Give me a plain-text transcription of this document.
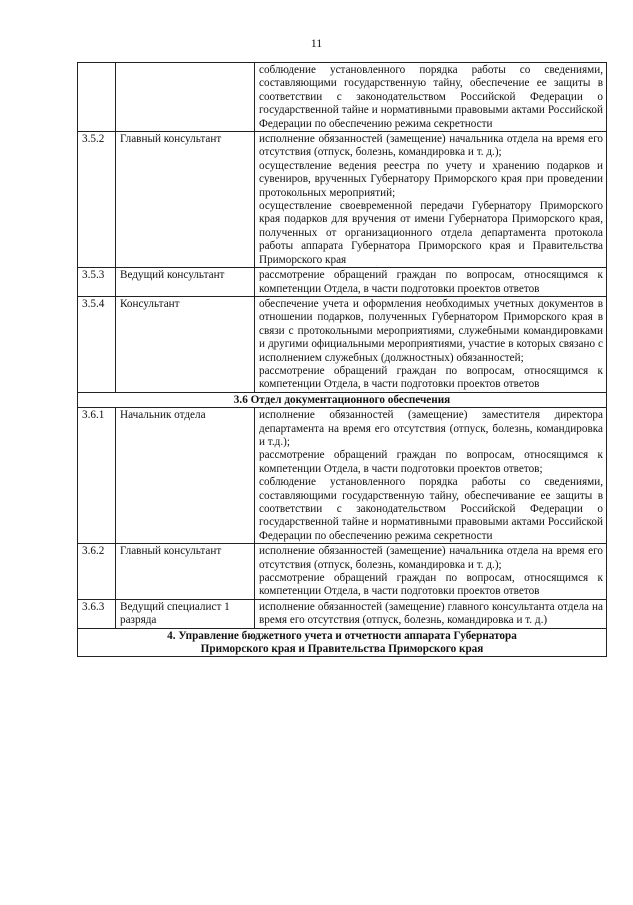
11

		соблюдение установленного порядка работы со сведениями, составляющими государственную тайну, обеспечение ее защиты в соответствии с законодательством Российской Федерации о государственной тайне и нормативными правовыми актами Российской Федерации по обеспечению режима секретности

3.5.2	Главный консультант	исполнение обязанностей (замещение) начальника отдела на время его отсутствия (отпуск, болезнь, командировка и т. д.);
осуществление ведения реестра по учету и хранению подарков и сувениров, врученных Губернатору Приморского края при проведении протокольных мероприятий;
осуществление своевременной передачи Губернатору Приморского края подарков для вручения от имени Губернатора Приморского края, полученных от организационного отдела департамента протокола работы аппарата Губернатора Приморского края и Правительства Приморского края

3.5.3	Ведущий консультант	рассмотрение обращений граждан по вопросам, относящимся к компетенции Отдела, в части подготовки проектов ответов

3.5.4	Консультант	обеспечение учета и оформления необходимых учетных документов в отношении подарков, полученных Губернатором Приморского края в связи с протокольными мероприятиями, служебными командировками и другими официальными мероприятиями, участие в которых связано с исполнением служебных (должностных) обязанностей;
рассмотрение обращений граждан по вопросам, относящимся к компетенции Отдела, в части подготовки проектов ответов

3.6 Отдел документационного обеспечения		
3.6.1	Начальник отдела	исполнение обязанностей (замещение) заместителя директора департамента на время его отсутствия (отпуск, болезнь, командировка и т.д.);
рассмотрение обращений граждан по вопросам, относящимся к компетенции Отдела, в части подготовки проектов ответов;
соблюдение установленного порядка работы со сведениями, составляющими государственную тайну, обеспечивание ее защиты в соответствии с законодательством Российской Федерации о государственной тайне и нормативными правовыми актами Российской Федерации по обеспечению режима секретности

3.6.2	Главный консультант	исполнение обязанностей (замещение) начальника отдела на время его отсутствия (отпуск, болезнь, командировка и т. д.);
рассмотрение обращений граждан по вопросам, относящимся к компетенции Отдела, в части подготовки проектов ответов

3.6.3	Ведущий специалист 1 разряда	исполнение обязанностей (замещение) главного консультанта отдела на время его отсутствия (отпуск, болезнь, командировка и т. д.)

4. Управление бюджетного учета и отчетности аппарата Губернатора
Приморского края и Правительства Приморского края		
